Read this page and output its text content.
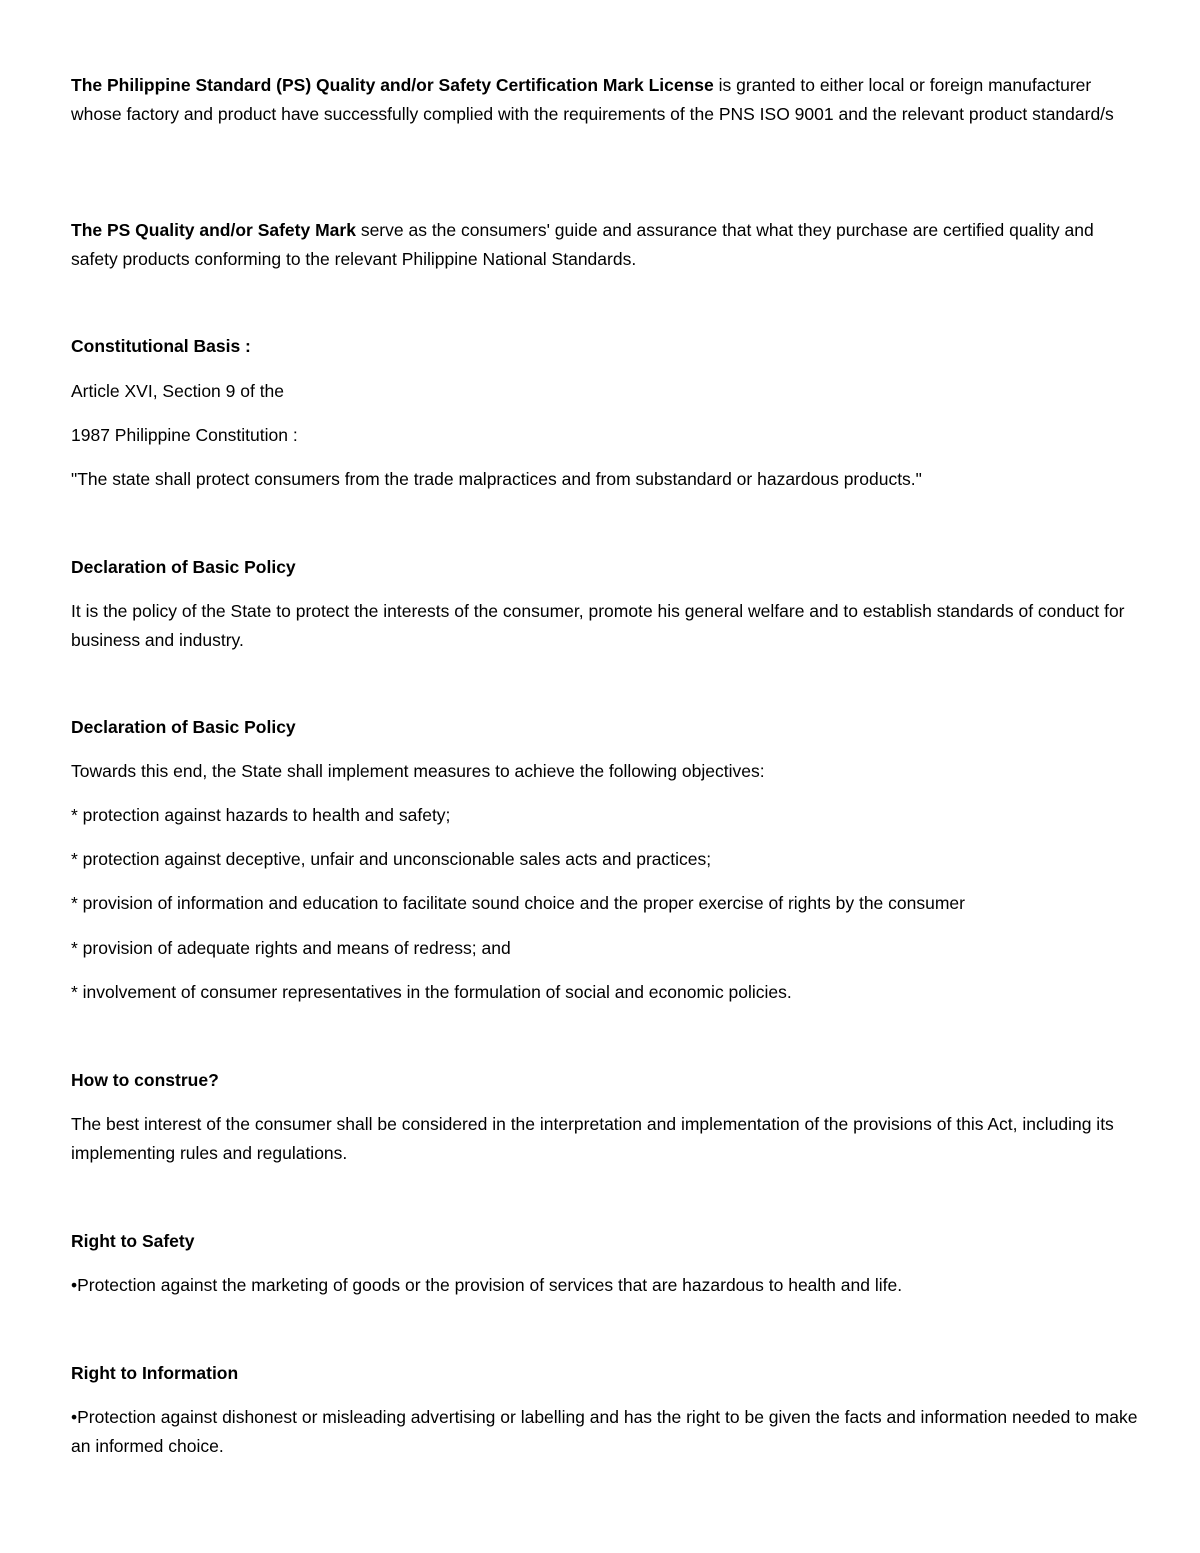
The Philippine Standard (PS) Quality and/or Safety Certification Mark License is granted to either local or foreign manufacturer whose factory and product have successfully complied with the requirements of the PNS ISO 9001 and the relevant product standard/s

The PS Quality and/or Safety Mark serve as the consumers' guide and assurance that what they purchase are certified quality and safety products conforming to the relevant Philippine National Standards.

Constitutional Basis :

Article XVI, Section 9 of the

1987 Philippine Constitution :

"The state shall protect consumers from the trade malpractices and from substandard or hazardous products."

Declaration of Basic Policy

It is the policy of the State to protect the interests of the consumer, promote his general welfare and to establish standards of conduct for business and industry.

Declaration of Basic Policy

Towards this end, the State shall implement measures to achieve the following objectives:

* protection against hazards to health and safety;

* protection against deceptive, unfair and unconscionable sales acts and practices;

* provision of information and education to facilitate sound choice and the proper exercise of rights by the consumer

* provision of adequate rights and means of redress; and

* involvement of consumer representatives in the formulation of social and economic policies.

How to construe?

The best interest of the consumer shall be considered in the interpretation and implementation of the provisions of this Act, including its implementing rules and regulations.

Right to Safety

•Protection against the marketing of goods or the provision of services that are hazardous to health and life.

Right to Information

•Protection against dishonest or misleading advertising or labelling and has the right to be given the facts and information needed to make an informed choice.
